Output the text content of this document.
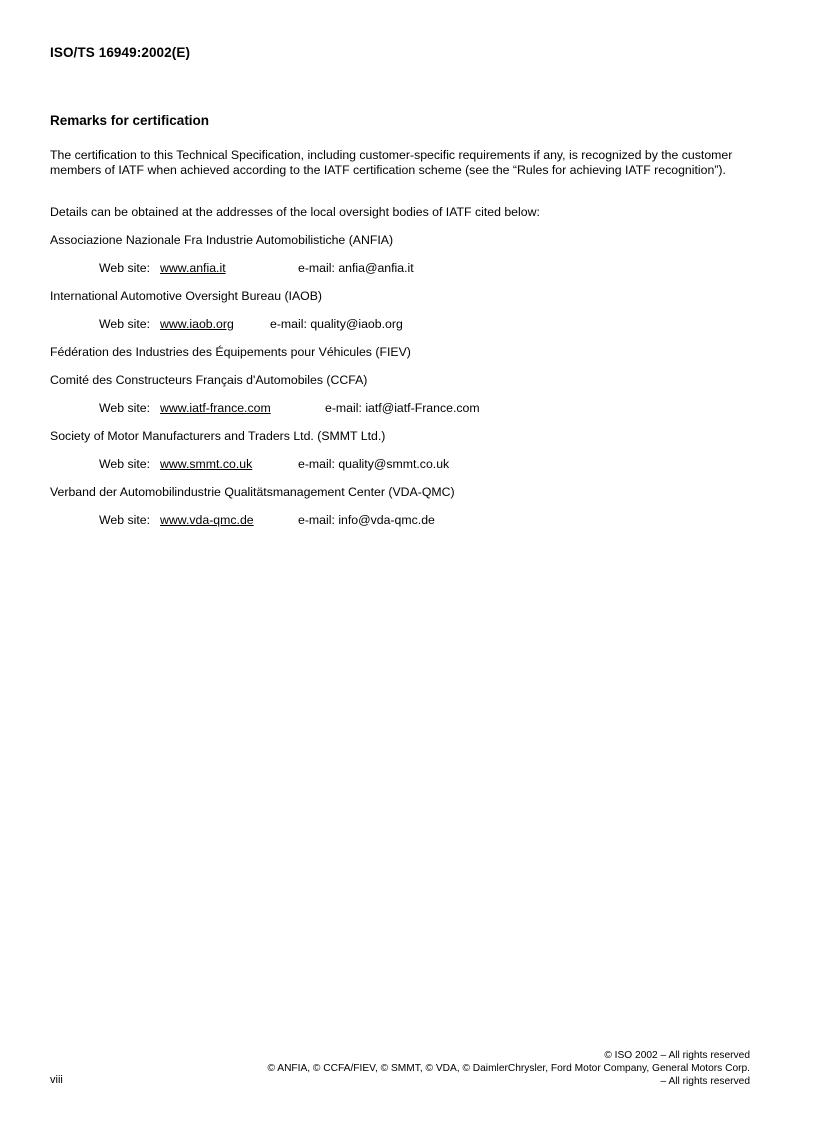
ISO/TS 16949:2002(E)
Remarks for certification

The certification to this Technical Specification, including customer-specific requirements if any, is recognized by the customer members of IATF when achieved according to the IATF certification scheme (see the “Rules for achieving IATF recognition”).

Details can be obtained at the addresses of the local oversight bodies of IATF cited below:

Associazione Nazionale Fra Industrie Automobilistiche (ANFIA)
Web site: www.anfia.it	e-mail: anfia@anfia.it
International Automotive Oversight Bureau (IAOB)
Web site: www.iaob.org	e-mail: quality@iaob.org
Fédération des Industries des Équipements pour Véhicules (FIEV)
Comité des Constructeurs Français d'Automobiles (CCFA)
Web site: www.iatf-france.com	e-mail: iatf@iatf-France.com
Society of Motor Manufacturers and Traders Ltd. (SMMT Ltd.)
Web site: www.smmt.co.uk	e-mail: quality@smmt.co.uk
Verband der Automobilindustrie Qualitätsmanagement Center (VDA-QMC)
Web site: www.vda-qmc.de	e-mail: info@vda-qmc.de
© ISO 2002 – All rights reserved
© ANFIA, © CCFA/FIEV, © SMMT, © VDA, © DaimlerChrysler, Ford Motor Company, General Motors Corp.
– All rights reserved
viii
